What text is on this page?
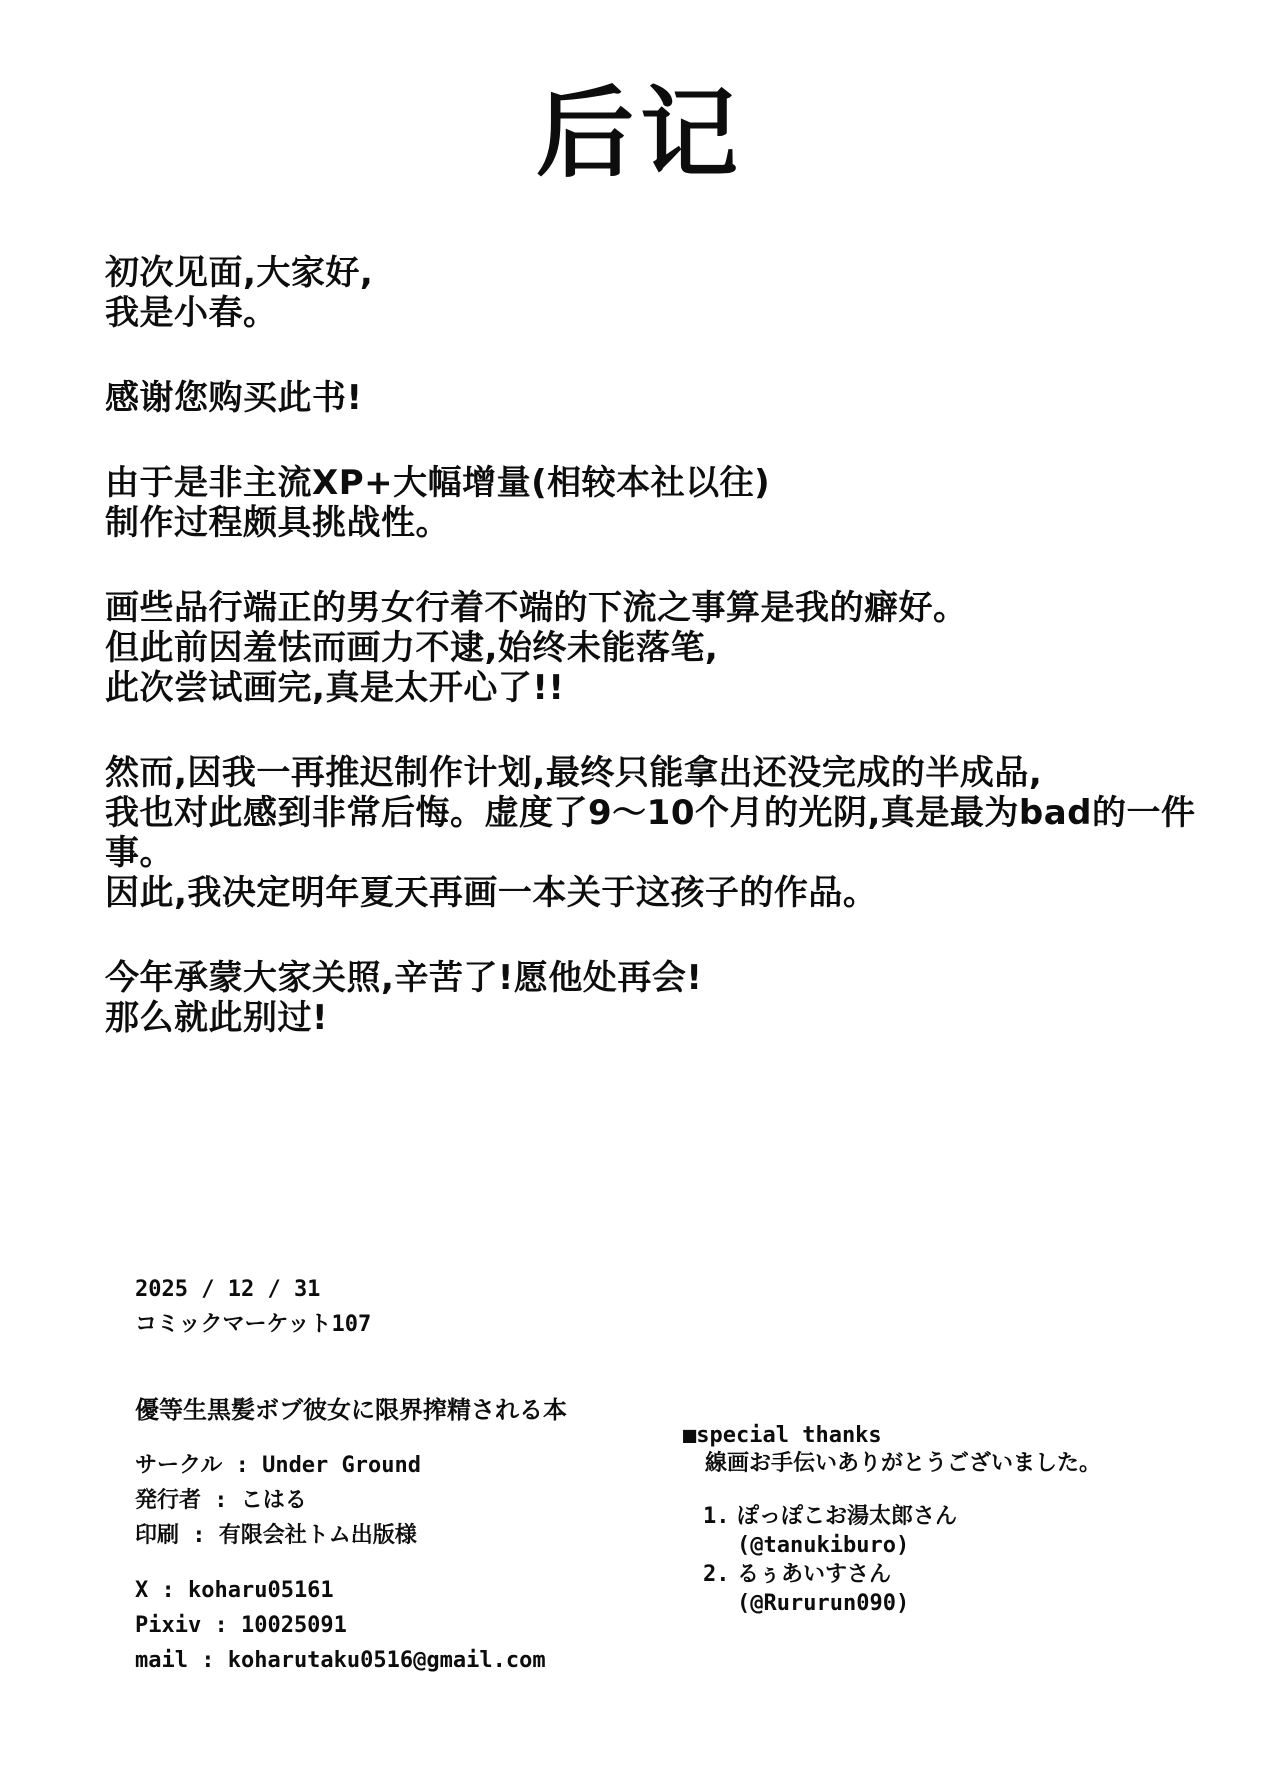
后记
初次见面,大家好,
我是小春。
感谢您购买此书!
由于是非主流XP+大幅增量(相较本社以往)
制作过程颇具挑战性。
画些品行端正的男女行着不端的下流之事算是我的癖好。
但此前因羞怯而画力不逮,始终未能落笔,
此次尝试画完,真是太开心了!!
然而,因我一再推迟制作计划,最终只能拿出还没完成的半成品,
我也对此感到非常后悔。虚度了9〜10个月的光阴,真是最为bad的一件事。
因此,我决定明年夏天再画一本关于这孩子的作品。
今年承蒙大家关照,辛苦了!愿他处再会!
那么就此别过!
2025 / 12 / 31
コミックマーケット107
優等生黒髪ボブ彼女に限界搾精される本
サークル : Under Ground
発行者 : こはる
印刷 : 有限会社トム出版様
X : koharu05161
Pixiv : 10025091
mail : koharutaku0516@gmail.com
■special thanks
線画お手伝いありがとうございました。
1. ぽっぽこお湯太郎さん
(@tanukiburo)
2. るぅあいすさん
(@Rururun090)
